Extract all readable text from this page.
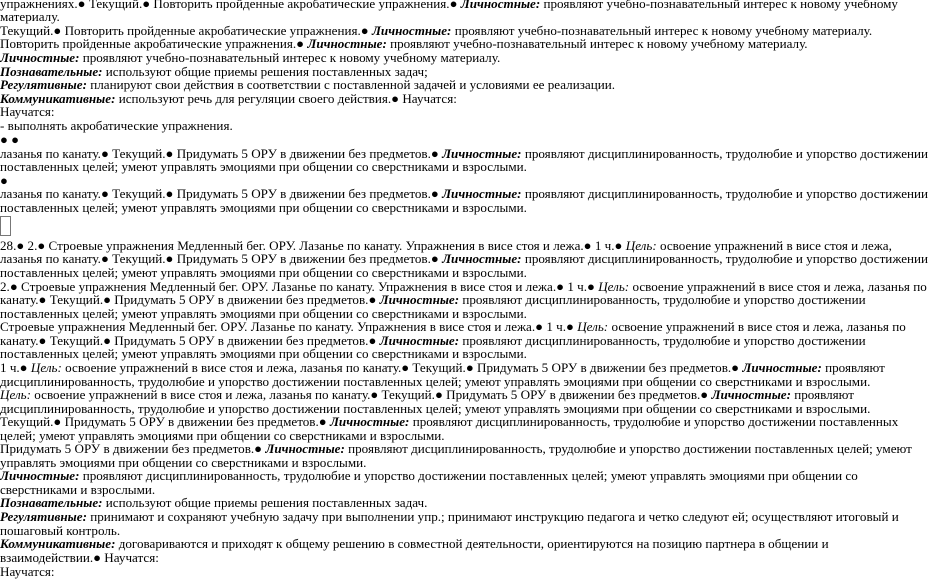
упражнениях.● Текущий.● Повторить пройденные акробатические упражнения.● Личностные: проявляют учебно-познавательный интерес к новому учебному
материалу.
Текущий.● Повторить пройденные акробатические упражнения.● Личностные: проявляют учебно-познавательный интерес к новому учебному материалу.
Повторить пройденные акробатические упражнения.● Личностные: проявляют учебно-познавательный интерес к новому учебному материалу.
Личностные: проявляют учебно-познавательный интерес к новому учебному материалу.
Познавательные: используют общие приемы решения поставленных задач;
Регулятивные: планируют свои действия в соответствии с поставленной задачей и условиями ее реализации.
Коммуникативные: используют речь для регуляции своего действия.● Научатся:
Научатся:
- выполнять акробатические упражнения.
● ●
лазанья по канату.● Текущий.● Придумать 5 ОРУ в движении без предметов.● Личностные: проявляют дисциплинированность, трудолюбие и упорство достижении
поставленных целей; умеют управлять эмоциями при общении со сверстниками и взрослыми.
●
лазанья по канату.● Текущий.● Придумать 5 ОРУ в движении без предметов.● Личностные: проявляют дисциплинированность, трудолюбие и упорство достижении
поставленных целей; умеют управлять эмоциями при общении со сверстниками и взрослыми.
28.● 2.● Строевые упражнения Медленный бег. ОРУ. Лазанье по канату. Упражнения в висе стоя и лежа.● 1 ч.● Цель: освоение упражнений в висе стоя и лежа,
лазанья по канату.● Текущий.● Придумать 5 ОРУ в движении без предметов.● Личностные: проявляют дисциплинированность, трудолюбие и упорство достижении
поставленных целей; умеют управлять эмоциями при общении со сверстниками и взрослыми.
2.● Строевые упражнения Медленный бег. ОРУ. Лазанье по канату. Упражнения в висе стоя и лежа.● 1 ч.● Цель: освоение упражнений в висе стоя и лежа, лазанья по
канату.● Текущий.● Придумать 5 ОРУ в движении без предметов.● Личностные: проявляют дисциплинированность, трудолюбие и упорство достижении
поставленных целей; умеют управлять эмоциями при общении со сверстниками и взрослыми.
Строевые упражнения Медленный бег. ОРУ. Лазанье по канату. Упражнения в висе стоя и лежа.● 1 ч.● Цель: освоение упражнений в висе стоя и лежа, лазанья по
канату.● Текущий.● Придумать 5 ОРУ в движении без предметов.● Личностные: проявляют дисциплинированность, трудолюбие и упорство достижении
поставленных целей; умеют управлять эмоциями при общении со сверстниками и взрослыми.
1 ч.● Цель: освоение упражнений в висе стоя и лежа, лазанья по канату.● Текущий.● Придумать 5 ОРУ в движении без предметов.● Личностные: проявляют
дисциплинированность, трудолюбие и упорство достижении поставленных целей; умеют управлять эмоциями при общении со сверстниками и взрослыми.
Цель: освоение упражнений в висе стоя и лежа, лазанья по канату.● Текущий.● Придумать 5 ОРУ в движении без предметов.● Личностные: проявляют
дисциплинированность, трудолюбие и упорство достижении поставленных целей; умеют управлять эмоциями при общении со сверстниками и взрослыми.
Текущий.● Придумать 5 ОРУ в движении без предметов.● Личностные: проявляют дисциплинированность, трудолюбие и упорство достижении поставленных
целей; умеют управлять эмоциями при общении со сверстниками и взрослыми.
Придумать 5 ОРУ в движении без предметов.● Личностные: проявляют дисциплинированность, трудолюбие и упорство достижении поставленных целей; умеют
управлять эмоциями при общении со сверстниками и взрослыми.
Личностные: проявляют дисциплинированность, трудолюбие и упорство достижении поставленных целей; умеют управлять эмоциями при общении со
сверстниками и взрослыми.
Познавательные: используют общие приемы решения поставленных задач.
Регулятивные: принимают и сохраняют учебную задачу при выполнении упр.; принимают инструкцию педагога и четко следуют ей; осуществляют итоговый и
пошаговый контроль.
Коммуникативные: договариваются и приходят к общему решению в совместной деятельности, ориентируются на позицию партнера в общении и
взаимодействии.● Научатся:
Научатся:
